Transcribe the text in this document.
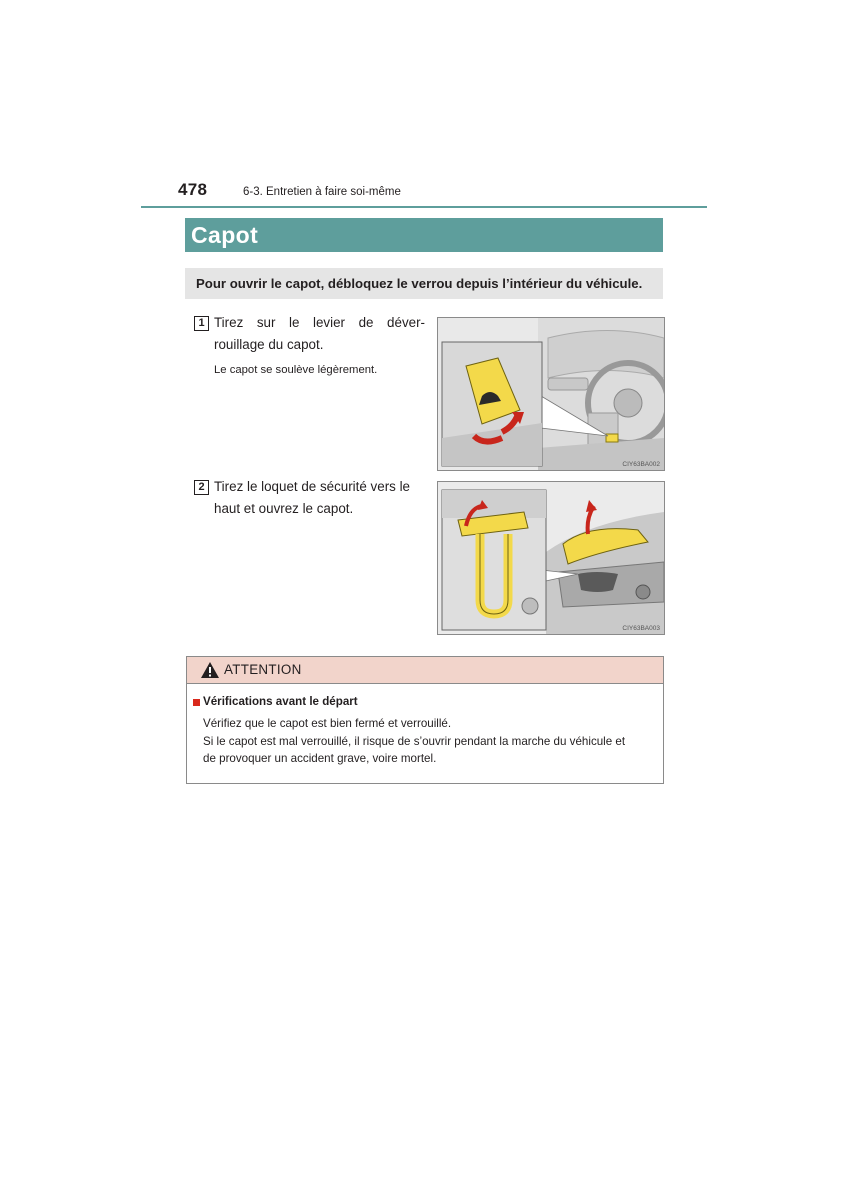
478	6-3. Entretien à faire soi-même
Capot
Pour ouvrir le capot, débloquez le verrou depuis l’intérieur du véhicule.
1 Tirez sur le levier de déver-
rouillage du capot.
Le capot se soulève légèrement.
CIY63BA002
2 Tirez le loquet de sécurité vers le
haut et ouvrez le capot.
CIY63BA003
ATTENTION
Vérifications avant le départ
Vérifiez que le capot est bien fermé et verrouillé.
Si le capot est mal verrouillé, il risque de s’ouvrir pendant la marche du véhicule et
de provoquer un accident grave, voire mortel.
